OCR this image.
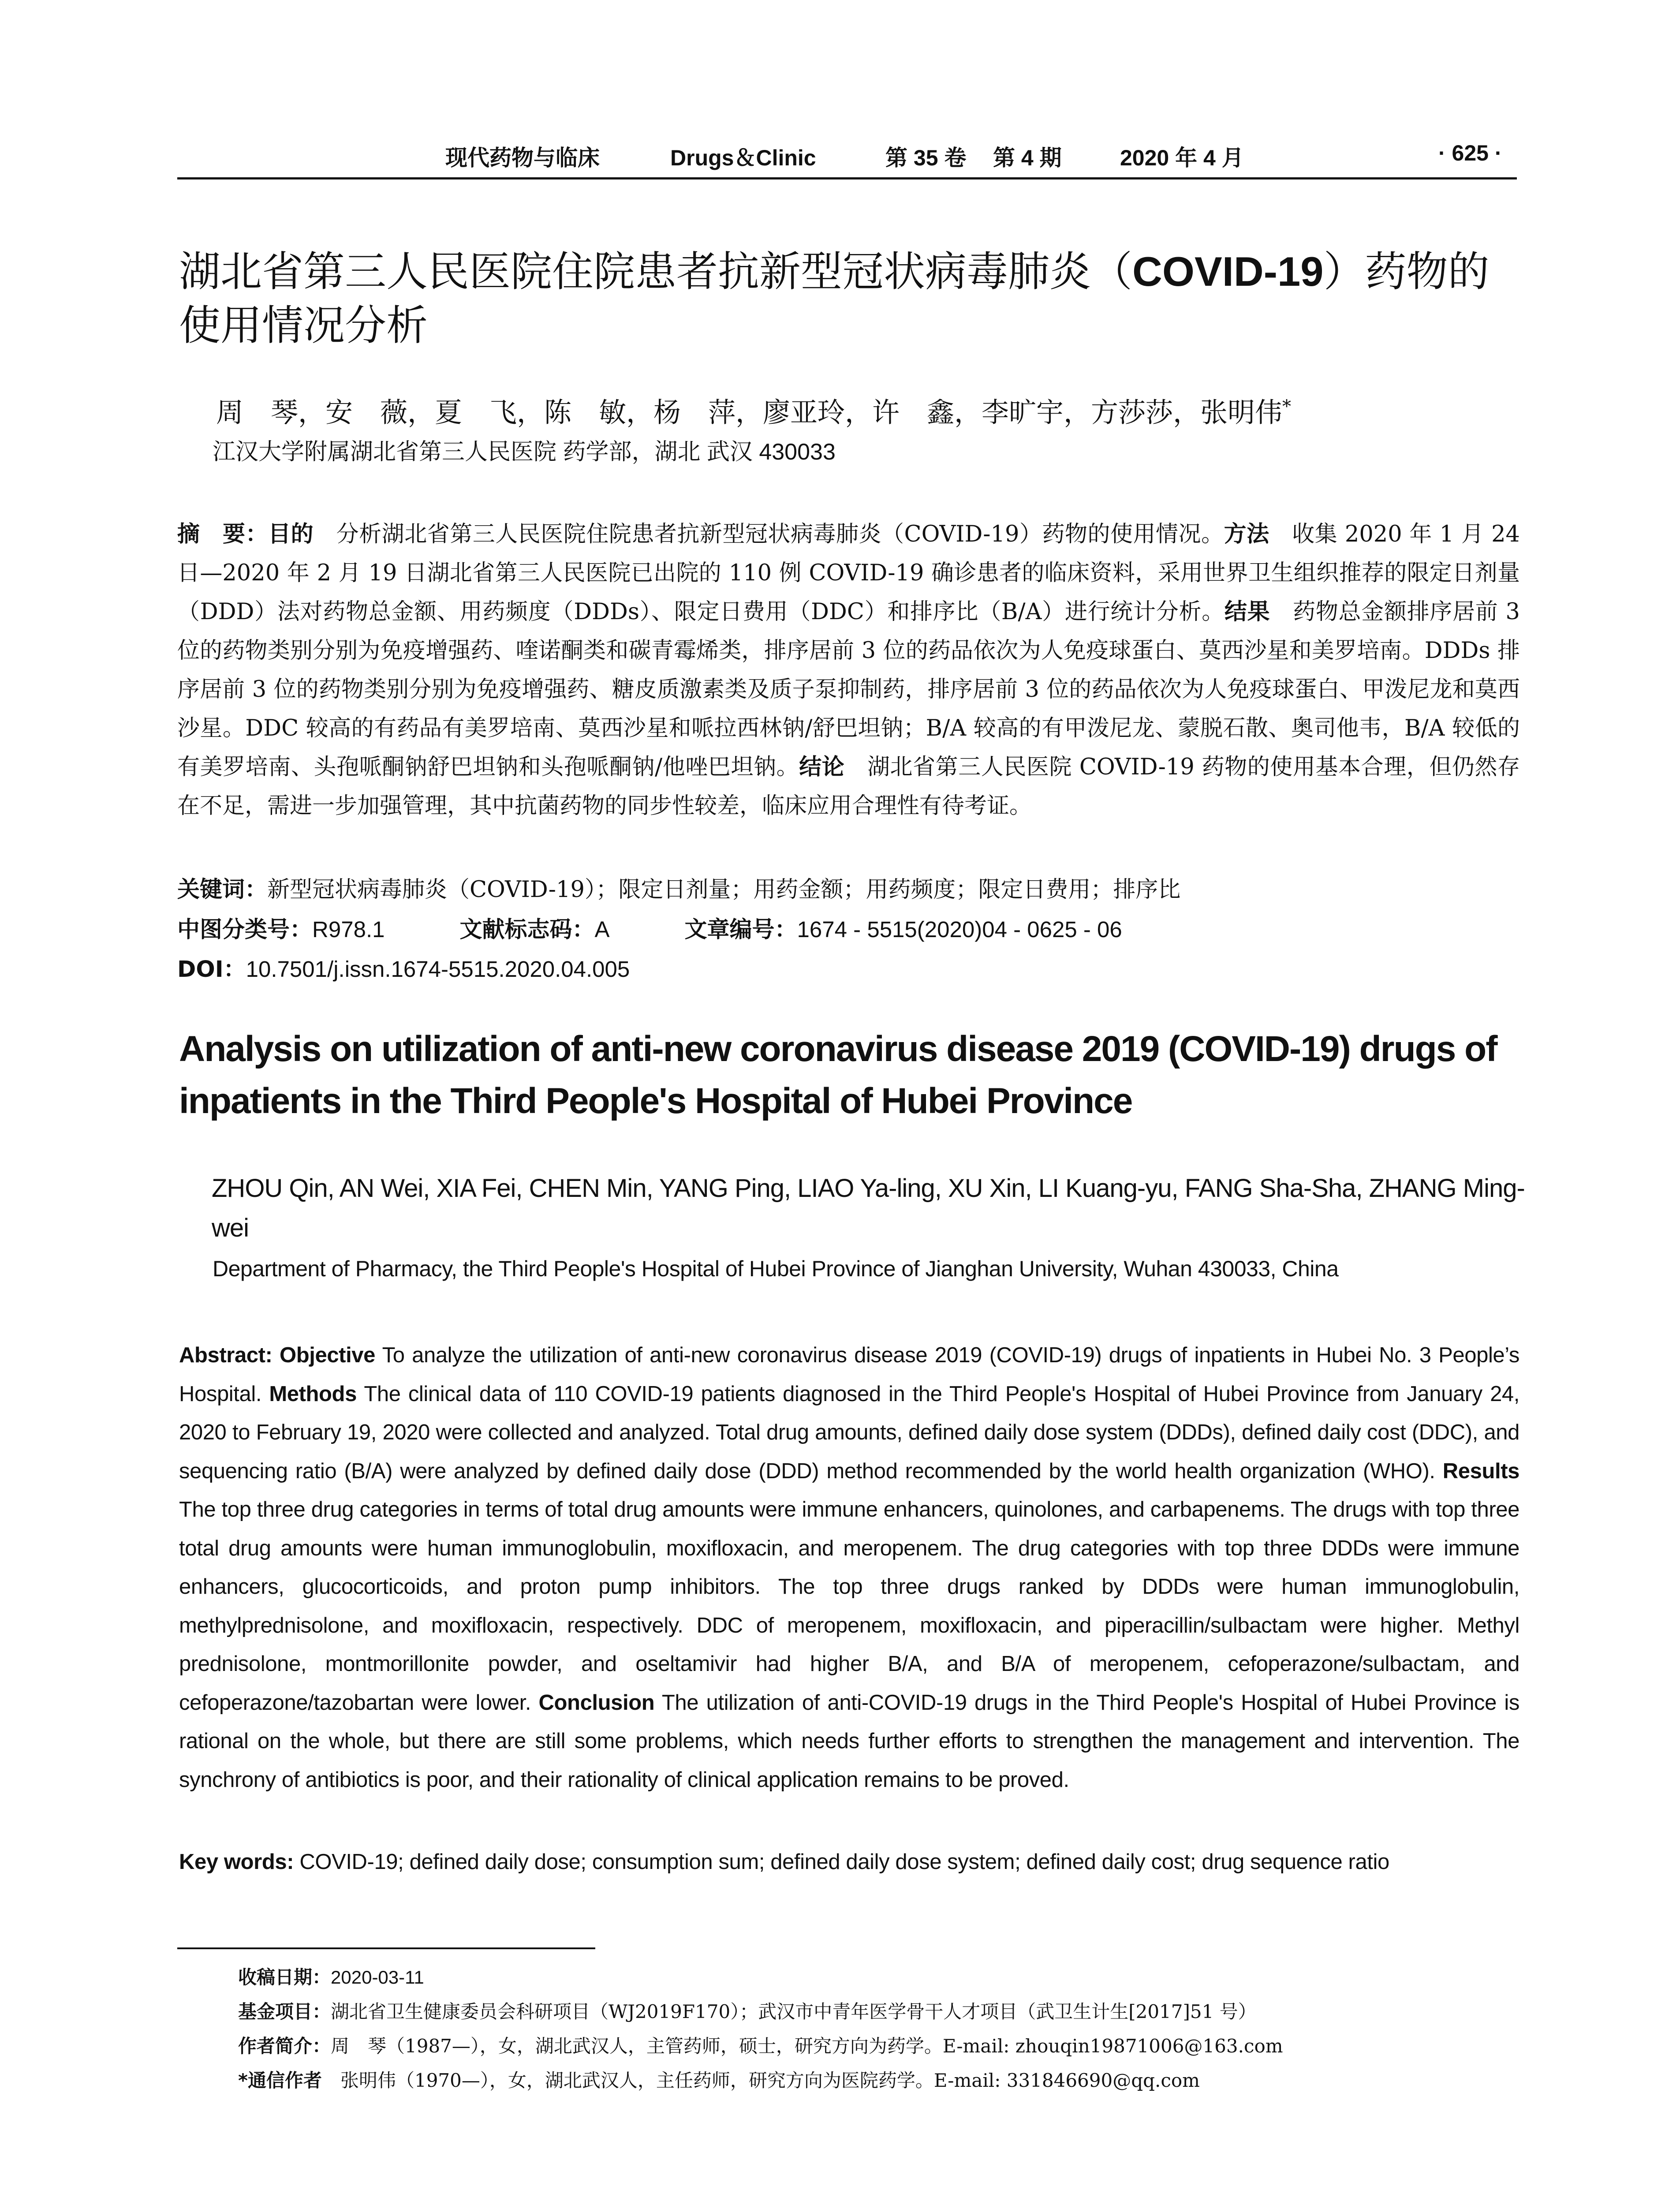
现代药物与临床	Drugs＆Clinic	第 35 卷 第 4 期	2020 年 4 月	· 625 ·
湖北省第三人民医院住院患者抗新型冠状病毒肺炎（COVID-19）药物的使用情况分析
周　琴，安　薇，夏　飞，陈　敏，杨　萍，廖亚玲，许　鑫，李旷宇，方莎莎，张明伟*
江汉大学附属湖北省第三人民医院 药学部，湖北 武汉 430033
摘　要：目的　分析湖北省第三人民医院住院患者抗新型冠状病毒肺炎（COVID-19）药物的使用情况。方法　收集 2020 年 1 月 24 日—2020 年 2 月 19 日湖北省第三人民医院已出院的 110 例 COVID-19 确诊患者的临床资料，采用世界卫生组织推荐的限定日剂量（DDD）法对药物总金额、用药频度（DDDs）、限定日费用（DDC）和排序比（B/A）进行统计分析。结果　药物总金额排序居前 3 位的药物类别分别为免疫增强药、喹诺酮类和碳青霉烯类，排序居前 3 位的药品依次为人免疫球蛋白、莫西沙星和美罗培南。DDDs 排序居前 3 位的药物类别分别为免疫增强药、糖皮质激素类及质子泵抑制药，排序居前 3 位的药品依次为人免疫球蛋白、甲泼尼龙和莫西沙星。DDC 较高的有药品有美罗培南、莫西沙星和哌拉西林钠/舒巴坦钠；B/A 较高的有甲泼尼龙、蒙脱石散、奥司他韦，B/A 较低的有美罗培南、头孢哌酮钠舒巴坦钠和头孢哌酮钠/他唑巴坦钠。结论　湖北省第三人民医院 COVID-19 药物的使用基本合理，但仍然存在不足，需进一步加强管理，其中抗菌药物的同步性较差，临床应用合理性有待考证。
关键词：新型冠状病毒肺炎（COVID-19）；限定日剂量；用药金额；用药频度；限定日费用；排序比
中图分类号：R978.1	文献标志码：A	文章编号：1674 - 5515(2020)04 - 0625 - 06
DOI：10.7501/j.issn.1674-5515.2020.04.005
Analysis on utilization of anti-new coronavirus disease 2019 (COVID-19) drugs of inpatients in the Third People's Hospital of Hubei Province
ZHOU Qin, AN Wei, XIA Fei, CHEN Min, YANG Ping, LIAO Ya-ling, XU Xin, LI Kuang-yu, FANG Sha-Sha, ZHANG Ming-wei
Department of Pharmacy, the Third People's Hospital of Hubei Province of Jianghan University, Wuhan 430033, China
Abstract: Objective To analyze the utilization of anti-new coronavirus disease 2019 (COVID-19) drugs of inpatients in Hubei No. 3 People’s Hospital. Methods The clinical data of 110 COVID-19 patients diagnosed in the Third People's Hospital of Hubei Province from January 24, 2020 to February 19, 2020 were collected and analyzed. Total drug amounts, defined daily dose system (DDDs), defined daily cost (DDC), and sequencing ratio (B/A) were analyzed by defined daily dose (DDD) method recommended by the world health organization (WHO). Results The top three drug categories in terms of total drug amounts were immune enhancers, quinolones, and carbapenems. The drugs with top three total drug amounts were human immunoglobulin, moxifloxacin, and meropenem. The drug categories with top three DDDs were immune enhancers, glucocorticoids, and proton pump inhibitors. The top three drugs ranked by DDDs were human immunoglobulin, methylprednisolone, and moxifloxacin, respectively. DDC of meropenem, moxifloxacin, and piperacillin/sulbactam were higher. Methyl prednisolone, montmorillonite powder, and oseltamivir had higher B/A, and B/A of meropenem, cefoperazone/sulbactam, and cefoperazone/tazobartan were lower. Conclusion The utilization of anti-COVID-19 drugs in the Third People's Hospital of Hubei Province is rational on the whole, but there are still some problems, which needs further efforts to strengthen the management and intervention. The synchrony of antibiotics is poor, and their rationality of clinical application remains to be proved.
Key words: COVID-19; defined daily dose; consumption sum; defined daily dose system; defined daily cost; drug sequence ratio
收稿日期：2020-03-11
基金项目：湖北省卫生健康委员会科研项目（WJ2019F170）；武汉市中青年医学骨干人才项目（武卫生计生[2017]51 号）
作者简介：周　琴（1987—），女，湖北武汉人，主管药师，硕士，研究方向为药学。E-mail: zhouqin19871006@163.com
*通信作者　张明伟（1970—），女，湖北武汉人，主任药师，研究方向为医院药学。E-mail: 331846690@qq.com
